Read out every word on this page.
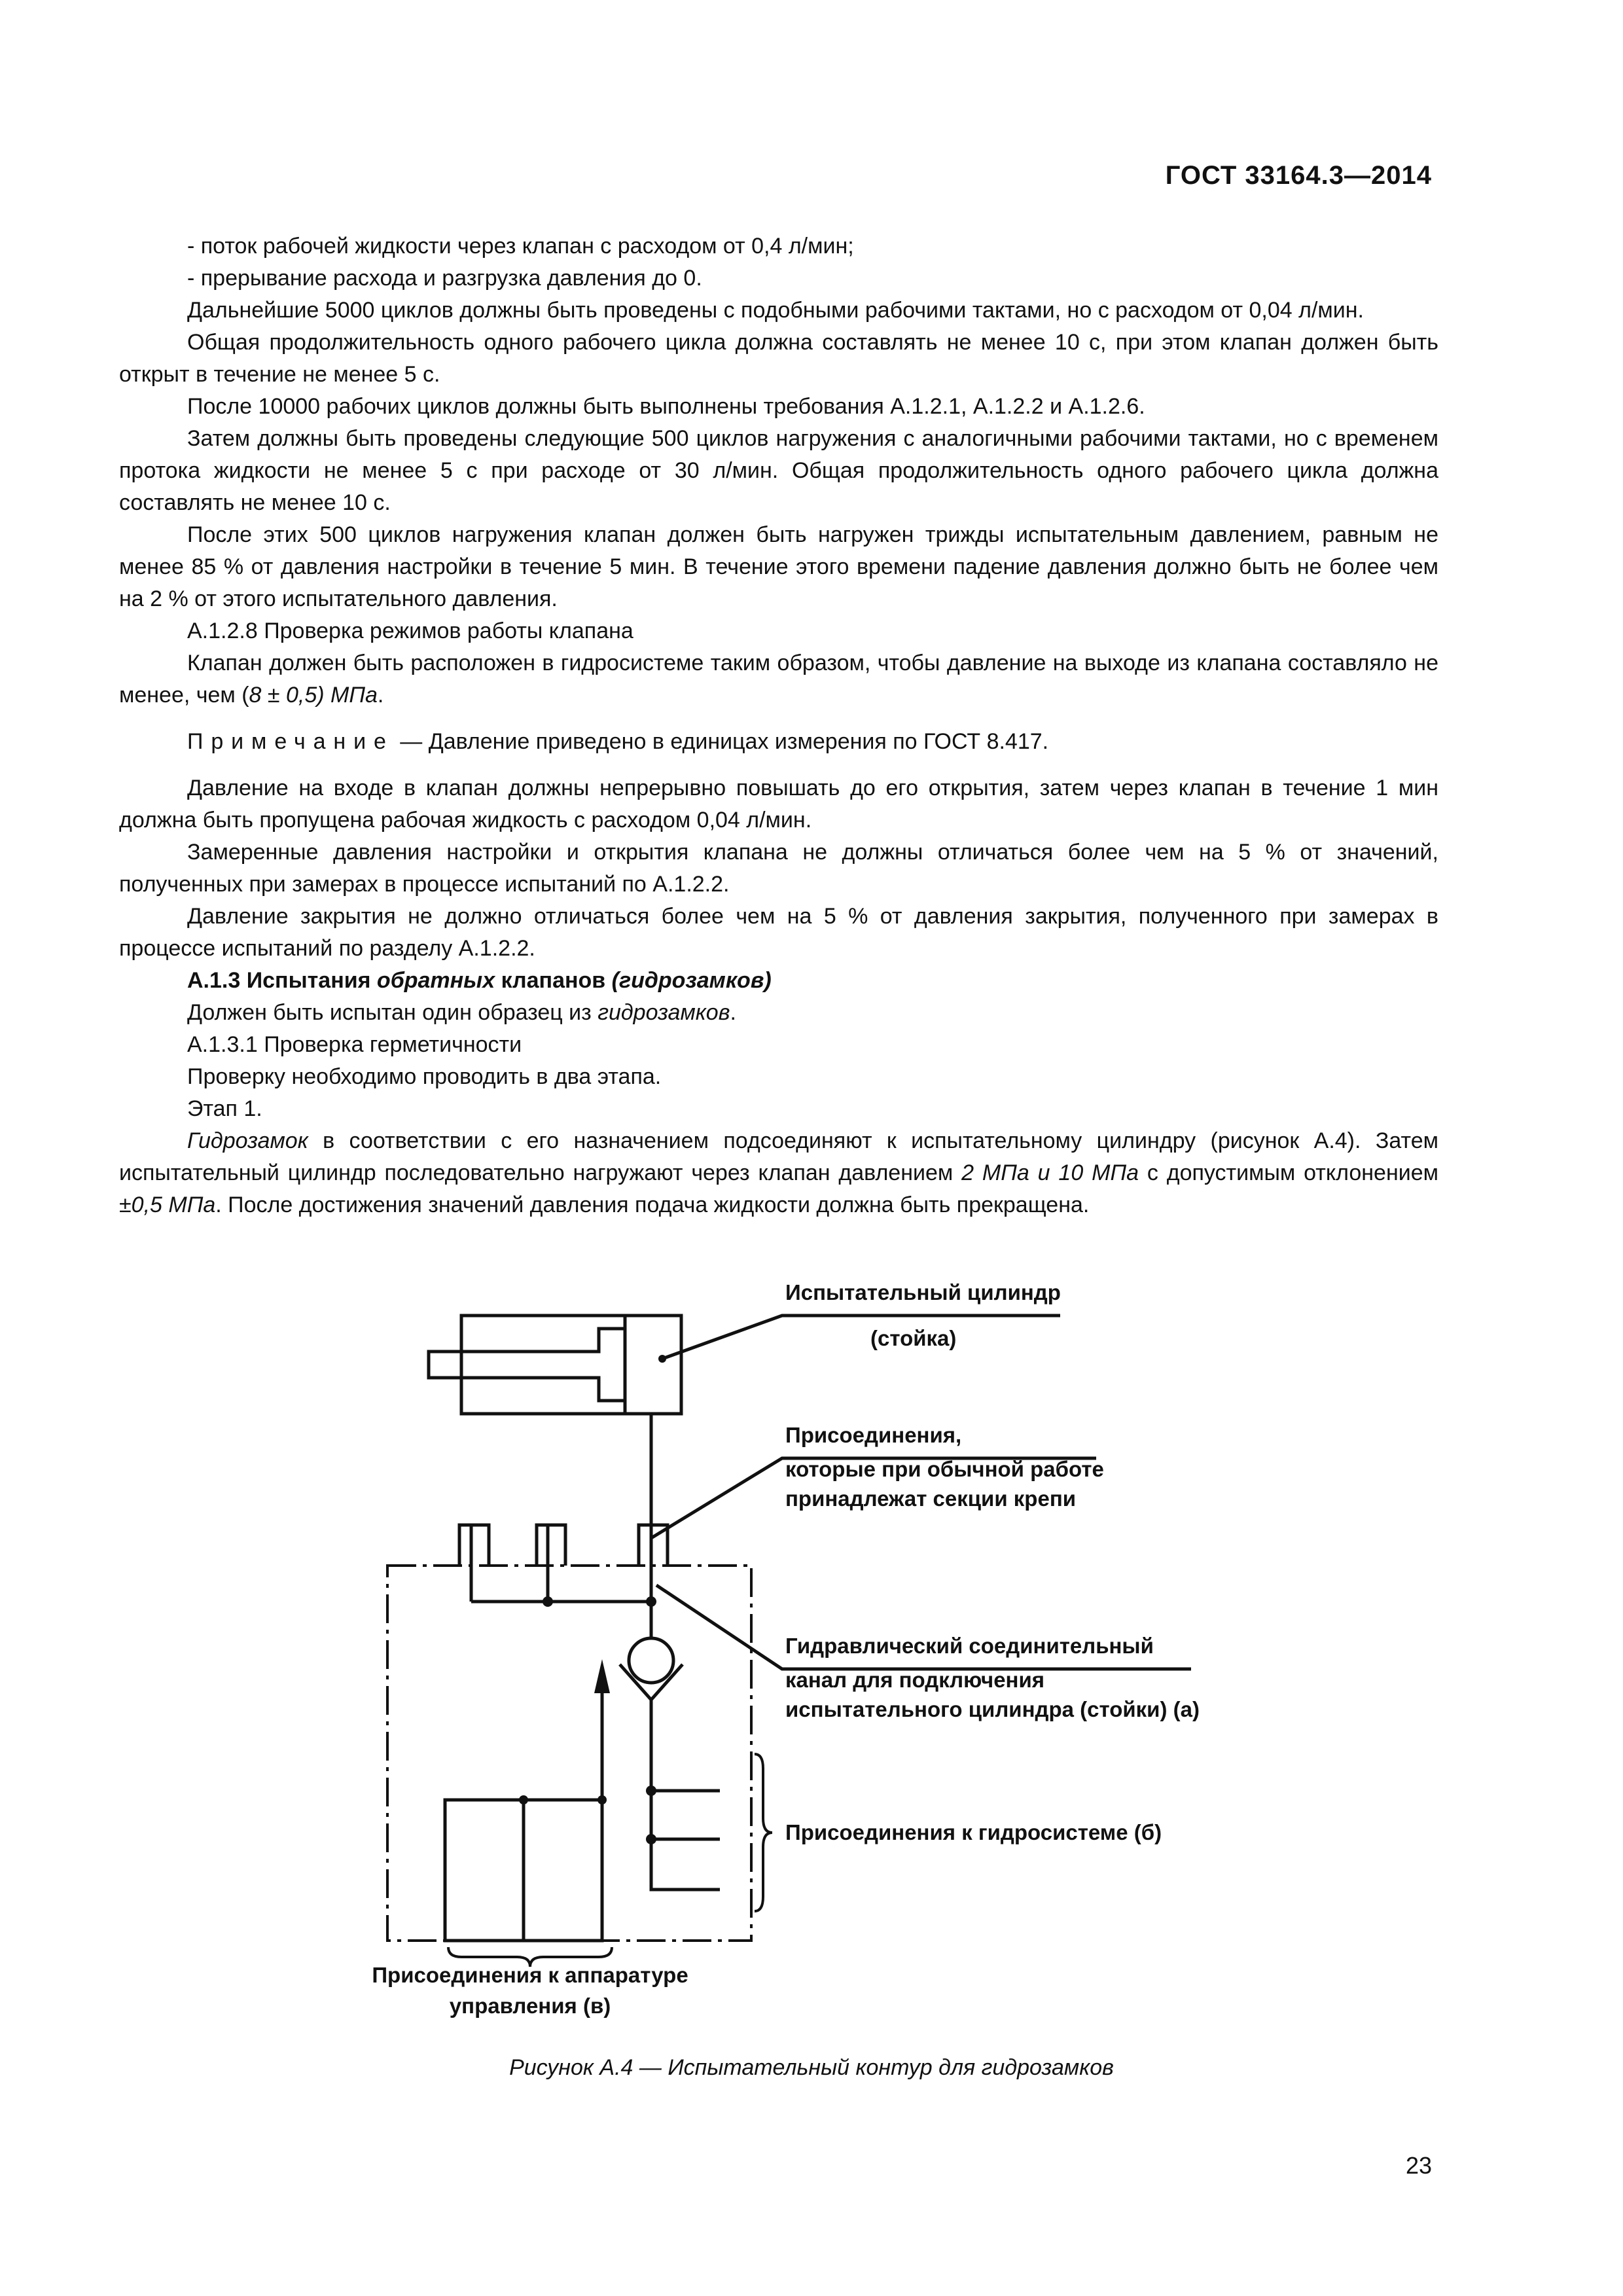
ГОСТ 33164.3—2014

- поток рабочей жидкости через клапан с расходом от 0,4 л/мин;

- прерывание расхода и разгрузка давления до 0.

Дальнейшие 5000 циклов должны быть проведены с подобными рабочими тактами, но с расходом от 0,04 л/мин.

Общая продолжительность одного рабочего цикла должна составлять не менее 10 с, при этом клапан должен быть открыт в течение не менее 5 с.

После 10000 рабочих циклов должны быть выполнены требования А.1.2.1, А.1.2.2 и А.1.2.6.

Затем должны быть проведены следующие 500 циклов нагружения с аналогичными рабочими тактами, но с временем протока жидкости не менее 5 с при расходе от 30 л/мин. Общая продолжительность одного рабочего цикла должна составлять не менее 10 с.

После этих 500 циклов нагружения клапан должен быть нагружен трижды испытательным давлением, равным не менее 85 % от давления настройки в течение 5 мин. В течение этого времени падение давления должно быть не более чем на 2 % от этого испытательного давления.

А.1.2.8 Проверка режимов работы клапана

Клапан должен быть расположен в гидросистеме таким образом, чтобы давление на выходе из клапана составляло не менее, чем (8 ± 0,5) МПа.

Примечание — Давление приведено в единицах измерения по ГОСТ 8.417.

Давление на входе в клапан должны непрерывно повышать до его открытия, затем через клапан в течение 1 мин должна быть пропущена рабочая жидкость с расходом 0,04 л/мин.

Замеренные давления настройки и открытия клапана не должны отличаться более чем на 5 % от значений, полученных при замерах в процессе испытаний по А.1.2.2.

Давление закрытия не должно отличаться более чем на 5 % от давления закрытия, полученного при замерах в процессе испытаний по разделу А.1.2.2.

А.1.3 Испытания обратных клапанов (гидрозамков)

Должен быть испытан один образец из гидрозамков.

А.1.3.1 Проверка герметичности

Проверку необходимо проводить в два этапа.

Этап 1.

Гидрозамок в соответствии с его назначением подсоединяют к испытательному цилиндру (рисунок А.4). Затем испытательный цилиндр последовательно нагружают через клапан давлением 2 МПа и 10 МПа с допустимым отклонением ±0,5 МПа. После достижения значений давления подача жидкости должна быть прекращена.

Испытательный цилиндр
(стойка)
Присоединения,
которые при обычной работе
принадлежат секции крепи
Гидравлический соединительный
канал для подключения
испытательного цилиндра (стойки) (а)
Присоединения к гидросистеме (б)
Присоединения к аппаратуре
управления (в)
Рисунок А.4 — Испытательный контур для гидрозамков
23
